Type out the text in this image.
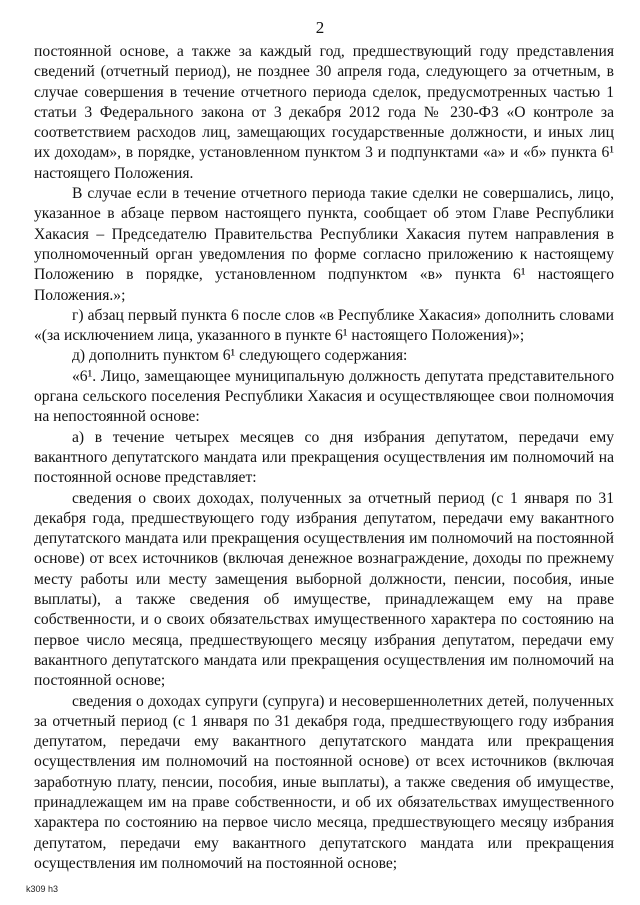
2

постоянной основе, а также за каждый год, предшествующий году представления сведений (отчетный период), не позднее 30 апреля года, следующего за отчетным, в случае совершения в течение отчетного периода сделок, предусмотренных частью 1 статьи 3 Федерального закона от 3 декабря 2012 года № 230-ФЗ «О контроле за соответствием расходов лиц, замещающих государственные должности, и иных лиц их доходам», в порядке, установленном пунктом 3 и подпунктами «а» и «б» пункта 6¹ настоящего Положения.

В случае если в течение отчетного периода такие сделки не совершались, лицо, указанное в абзаце первом настоящего пункта, сообщает об этом Главе Республики Хакасия – Председателю Правительства Республики Хакасия путем направления в уполномоченный орган уведомления по форме согласно приложению к настоящему Положению в порядке, установленном подпунктом «в» пункта 6¹ настоящего Положения.»;

г) абзац первый пункта 6 после слов «в Республике Хакасия» дополнить словами «(за исключением лица, указанного в пункте 6¹ настоящего Положения)»;

д) дополнить пунктом 6¹ следующего содержания:

«6¹. Лицо, замещающее муниципальную должность депутата представительного органа сельского поселения Республики Хакасия и осуществляющее свои полномочия на непостоянной основе:

а) в течение четырех месяцев со дня избрания депутатом, передачи ему вакантного депутатского мандата или прекращения осуществления им полномочий на постоянной основе представляет:

сведения о своих доходах, полученных за отчетный период (с 1 января по 31 декабря года, предшествующего году избрания депутатом, передачи ему вакантного депутатского мандата или прекращения осуществления им полномочий на постоянной основе) от всех источников (включая денежное вознаграждение, доходы по прежнему месту работы или месту замещения выборной должности, пенсии, пособия, иные выплаты), а также сведения об имуществе, принадлежащем ему на праве собственности, и о своих обязательствах имущественного характера по состоянию на первое число месяца, предшествующего месяцу избрания депутатом, передачи ему вакантного депутатского мандата или прекращения осуществления им полномочий на постоянной основе;

сведения о доходах супруги (супруга) и несовершеннолетних детей, полученных за отчетный период (с 1 января по 31 декабря года, предшествующего году избрания депутатом, передачи ему вакантного депутатского мандата или прекращения осуществления им полномочий на постоянной основе) от всех источников (включая заработную плату, пенсии, пособия, иные выплаты), а также сведения об имуществе, принадлежащем им на праве собственности, и об их обязательствах имущественного характера по состоянию на первое число месяца, предшествующего месяцу избрания депутатом, передачи ему вакантного депутатского мандата или прекращения осуществления им полномочий на постоянной основе;

k309 h3
